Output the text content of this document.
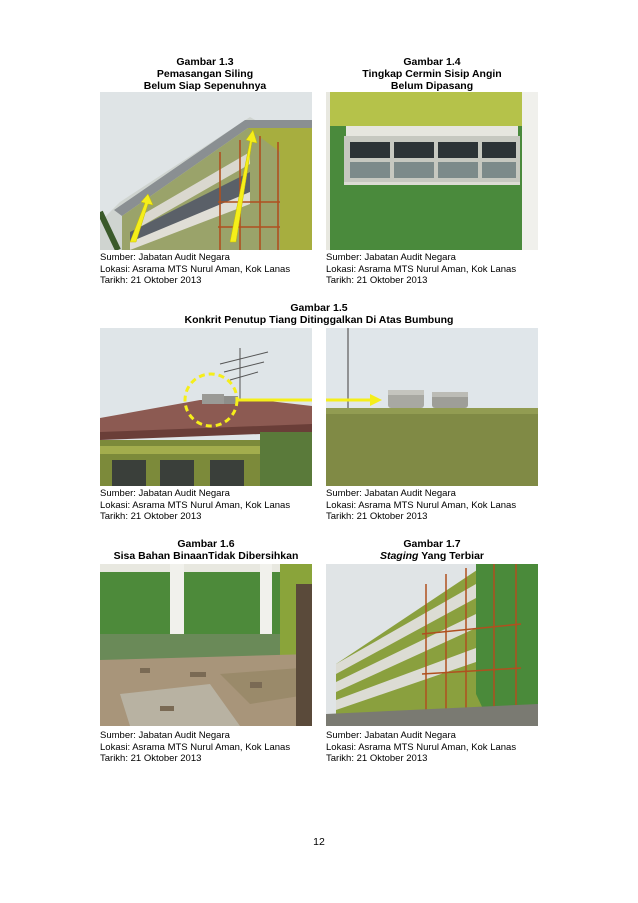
Gambar 1.3
Pemasangan Siling
Belum Siap Sepenuhnya
Gambar 1.4
Tingkap Cermin Sisip Angin
Belum Dipasang
Sumber: Jabatan Audit Negara
Lokasi: Asrama MTS Nurul Aman, Kok Lanas
Tarikh: 21 Oktober 2013
Sumber: Jabatan Audit Negara
Lokasi: Asrama MTS Nurul Aman, Kok Lanas
Tarikh: 21 Oktober 2013
Gambar 1.5
Konkrit Penutup Tiang Ditinggalkan Di Atas Bumbung
Sumber: Jabatan Audit Negara
Lokasi: Asrama MTS Nurul Aman, Kok Lanas
Tarikh: 21 Oktober 2013
Sumber: Jabatan Audit Negara
Lokasi: Asrama MTS Nurul Aman, Kok Lanas
Tarikh: 21 Oktober 2013
Gambar 1.6
Sisa Bahan BinaanTidak Dibersihkan
Gambar 1.7
Staging Yang Terbiar
Sumber: Jabatan Audit Negara
Lokasi: Asrama MTS Nurul Aman, Kok Lanas
Tarikh: 21 Oktober 2013
Sumber: Jabatan Audit Negara
Lokasi: Asrama MTS Nurul Aman, Kok Lanas
Tarikh: 21 Oktober 2013
12
